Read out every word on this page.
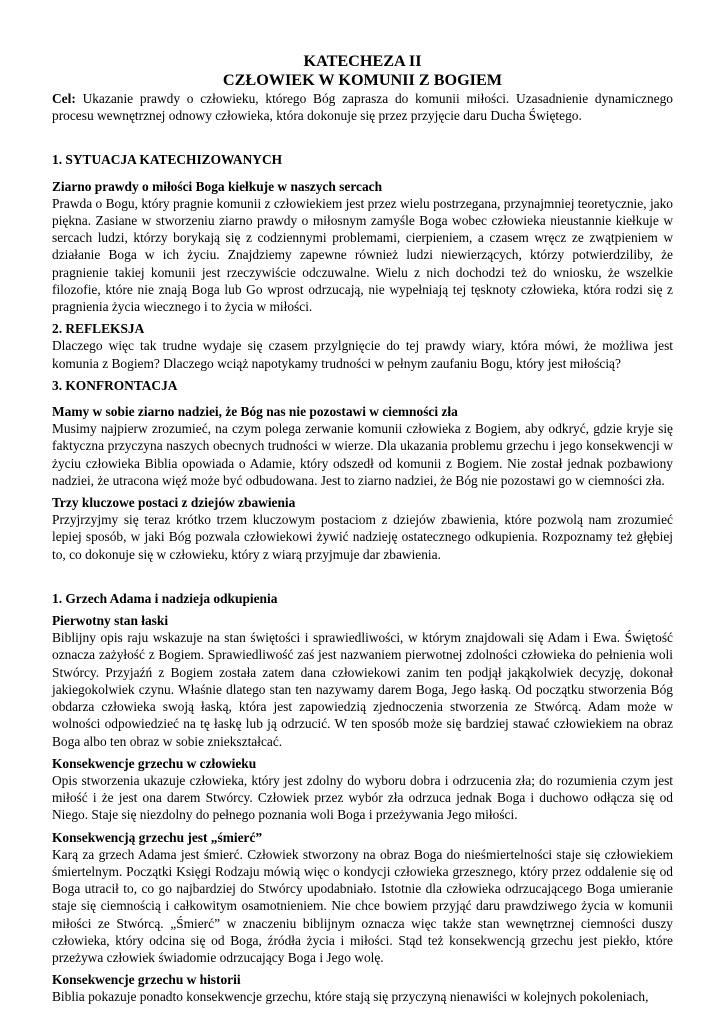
KATECHEZA II
CZŁOWIEK W KOMUNII Z BOGIEM

Cel: Ukazanie prawdy o człowieku, którego Bóg zaprasza do komunii miłości. Uzasadnienie dynamicznego procesu wewnętrznej odnowy człowieka, która dokonuje się przez przyjęcie daru Ducha Świętego.

1. SYTUACJA KATECHIZOWANYCH
Ziarno prawdy o miłości Boga kiełkuje w naszych sercach

Prawda o Bogu, który pragnie komunii z człowiekiem jest przez wielu postrzegana, przynajmniej teoretycznie, jako piękna. Zasiane w stworzeniu ziarno prawdy o miłosnym zamyśle Boga wobec człowieka nieustannie kiełkuje w sercach ludzi, którzy borykają się z codziennymi problemami, cierpieniem, a czasem wręcz ze zwątpieniem w działanie Boga w ich życiu. Znajdziemy zapewne również ludzi niewierzących, którzy potwierdziliby, że pragnienie takiej komunii jest rzeczywiście odczuwalne. Wielu z nich dochodzi też do wniosku, że wszelkie filozofie, które nie znają Boga lub Go wprost odrzucają, nie wypełniają tej tęsknoty człowieka, która rodzi się z pragnienia życia wiecznego i to życia w miłości.

2. REFLEKSJA

Dlaczego więc tak trudne wydaje się czasem przylgnięcie do tej prawdy wiary, która mówi, że możliwa jest komunia z Bogiem? Dlaczego wciąż napotykamy trudności w pełnym zaufaniu Bogu, który jest miłością?

3. KONFRONTACJA
Mamy w sobie ziarno nadziei, że Bóg nas nie pozostawi w ciemności zła

Musimy najpierw zrozumieć, na czym polega zerwanie komunii człowieka z Bogiem, aby odkryć, gdzie kryje się faktyczna przyczyna naszych obecnych trudności w wierze. Dla ukazania problemu grzechu i jego konsekwencji w życiu człowieka Biblia opowiada o Adamie, który odszedł od komunii z Bogiem. Nie został jednak pozbawiony nadziei, że utracona więź może być odbudowana. Jest to ziarno nadziei, że Bóg nie pozostawi go w ciemności zła.

Trzy kluczowe postaci z dziejów zbawienia

Przyjrzyjmy się teraz krótko trzem kluczowym postaciom z dziejów zbawienia, które pozwolą nam zrozumieć lepiej sposób, w jaki Bóg pozwala człowiekowi żywić nadzieję ostatecznego odkupienia. Rozpoznamy też głębiej to, co dokonuje się w człowieku, który z wiarą przyjmuje dar zbawienia.

1. Grzech Adama i nadzieja odkupienia
Pierwotny stan łaski

Biblijny opis raju wskazuje na stan świętości i sprawiedliwości, w którym znajdowali się Adam i Ewa. Świętość oznacza zażyłość z Bogiem. Sprawiedliwość zaś jest nazwaniem pierwotnej zdolności człowieka do pełnienia woli Stwórcy. Przyjaźń z Bogiem została zatem dana człowiekowi zanim ten podjął jakąkolwiek decyzję, dokonał jakiegokolwiek czynu. Właśnie dlatego stan ten nazywamy darem Boga, Jego łaską. Od początku stworzenia Bóg obdarza człowieka swoją łaską, która jest zapowiedzią zjednoczenia stworzenia ze Stwórcą. Adam może w wolności odpowiedzieć na tę łaskę lub ją odrzucić. W ten sposób może się bardziej stawać człowiekiem na obraz Boga albo ten obraz w sobie zniekształcać.

Konsekwencje grzechu w człowieku

Opis stworzenia ukazuje człowieka, który jest zdolny do wyboru dobra i odrzucenia zła; do rozumienia czym jest miłość i że jest ona darem Stwórcy. Człowiek przez wybór zła odrzuca jednak Boga i duchowo odłącza się od Niego. Staje się niezdolny do pełnego poznania woli Boga i przeżywania Jego miłości.

Konsekwencją grzechu jest „śmierć”

Karą za grzech Adama jest śmierć. Człowiek stworzony na obraz Boga do nieśmiertelności staje się człowiekiem śmiertelnym. Początki Księgi Rodzaju mówią więc o kondycji człowieka grzesznego, który przez oddalenie się od Boga utracił to, co go najbardziej do Stwórcy upodabniało. Istotnie dla człowieka odrzucającego Boga umieranie staje się ciemnością i całkowitym osamotnieniem. Nie chce bowiem przyjąć daru prawdziwego życia w komunii miłości ze Stwórcą. „Śmierć” w znaczeniu biblijnym oznacza więc także stan wewnętrznej ciemności duszy człowieka, który odcina się od Boga, źródła życia i miłości. Stąd też konsekwencją grzechu jest piekło, które przeżywa człowiek świadomie odrzucający Boga i Jego wolę.

Konsekwencje grzechu w historii

Biblia pokazuje ponadto konsekwencje grzechu, które stają się przyczyną nienawiści w kolejnych pokoleniach,
